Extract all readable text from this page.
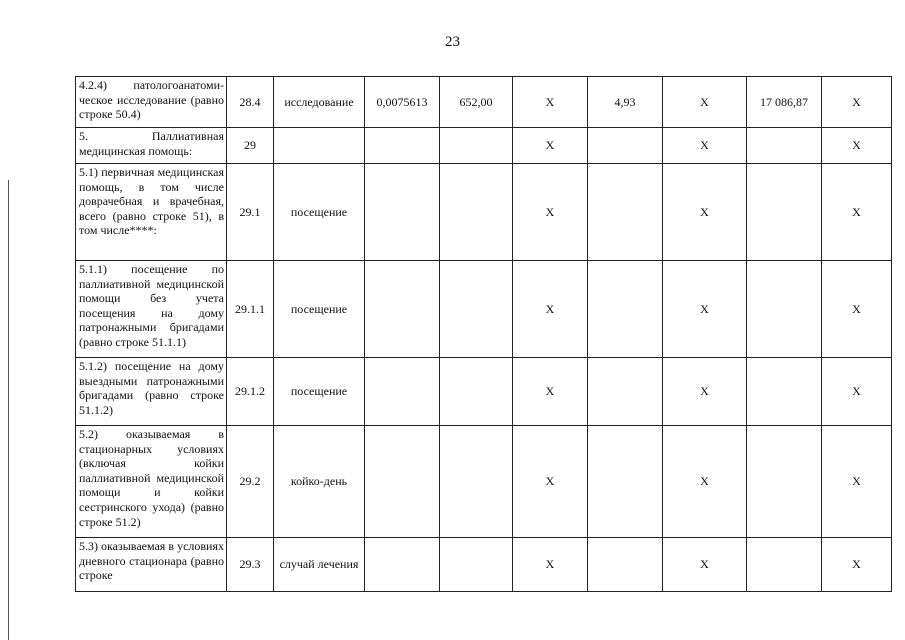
23
4.2.4) патологоанатоми-ческое исследование (равно строке 50.4)	28.4	исследование	0,0075613	652,00	X	4,93	X	17 086,87	X

5. Паллиативная медицинская помощь:	29				X		X		X

5.1) первичная медицинская помощь, в том числе доврачебная и врачебная, всего (равно строке 51), в том числе****:	29.1	посещение			X		X		X

5.1.1) посещение по паллиативной медицинской помощи без учета посещения на дому патронажными бригадами (равно строке 51.1.1)	29.1.1	посещение			X		X		X

5.1.2) посещение на дому выездными патронажными бригадами (равно строке 51.1.2)	29.1.2	посещение			X		X		X

5.2) оказываемая в стационарных условиях (включая койки паллиативной медицинской помощи и койки сестринского ухода) (равно строке 51.2)	29.2	койко-день			X		X		X

5.3) оказываемая в условиях дневного стационара (равно строке	29.3	случай лечения			X		X		X
